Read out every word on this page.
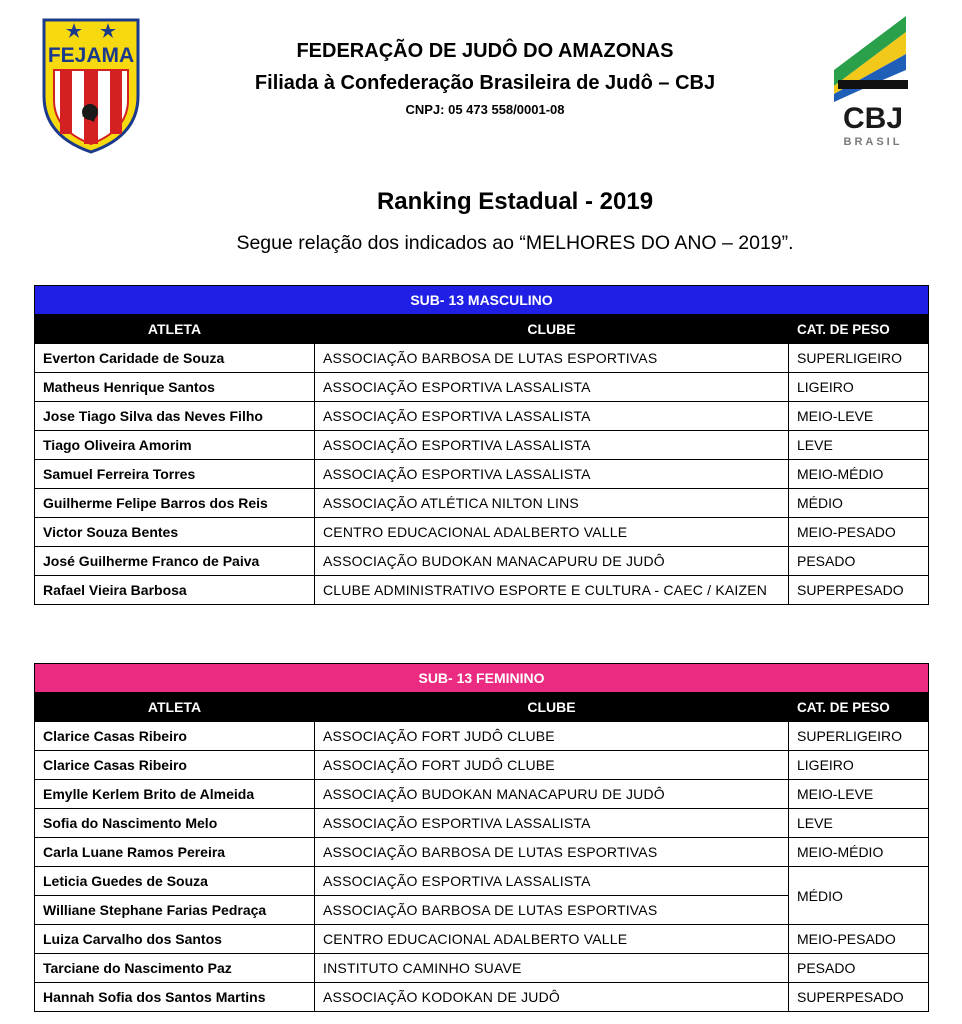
FEJAMA	FEDERAÇÃO DE JUDÔ DO AMAZONAS
Filiada à Confederação Brasileira de Judô – CBJ
CNPJ: 05 473 558/0001-08	CBJ
BRASIL
Ranking Estadual - 2019
Segue relação dos indicados ao “MELHORES DO ANO – 2019”.
SUB- 13 MASCULINO		
ATLETA	CLUBE	CAT. DE PESO
Everton Caridade de Souza	ASSOCIAÇÃO BARBOSA DE LUTAS ESPORTIVAS	SUPERLIGEIRO
Matheus Henrique Santos	ASSOCIAÇÃO ESPORTIVA LASSALISTA	LIGEIRO
Jose Tiago Silva das Neves Filho	ASSOCIAÇÃO ESPORTIVA LASSALISTA	MEIO-LEVE
Tiago Oliveira Amorim	ASSOCIAÇÃO ESPORTIVA LASSALISTA	LEVE
Samuel Ferreira Torres	ASSOCIAÇÃO ESPORTIVA LASSALISTA	MEIO-MÉDIO
Guilherme Felipe Barros dos Reis	ASSOCIAÇÃO ATLÉTICA NILTON LINS	MÉDIO
Victor Souza Bentes	CENTRO EDUCACIONAL ADALBERTO VALLE	MEIO-PESADO
José Guilherme Franco de Paiva	ASSOCIAÇÃO BUDOKAN MANACAPURU DE JUDÔ	PESADO
Rafael Vieira Barbosa	CLUBE ADMINISTRATIVO ESPORTE E CULTURA - CAEC / KAIZEN	SUPERPESADO
SUB- 13 FEMININO		
ATLETA	CLUBE	CAT. DE PESO
Clarice Casas Ribeiro	ASSOCIAÇÃO FORT JUDÔ CLUBE	SUPERLIGEIRO
Clarice Casas Ribeiro	ASSOCIAÇÃO FORT JUDÔ CLUBE	LIGEIRO
Emylle Kerlem Brito de Almeida	ASSOCIAÇÃO BUDOKAN MANACAPURU DE JUDÔ	MEIO-LEVE
Sofia do Nascimento Melo	ASSOCIAÇÃO ESPORTIVA LASSALISTA	LEVE
Carla Luane Ramos Pereira	ASSOCIAÇÃO BARBOSA DE LUTAS ESPORTIVAS	MEIO-MÉDIO
Leticia Guedes de Souza	ASSOCIAÇÃO ESPORTIVA LASSALISTA	MÉDIO
Williane Stephane Farias Pedraça	ASSOCIAÇÃO BARBOSA DE LUTAS ESPORTIVAS	
Luiza Carvalho dos Santos	CENTRO EDUCACIONAL ADALBERTO VALLE	MEIO-PESADO
Tarciane do Nascimento Paz	INSTITUTO CAMINHO SUAVE	PESADO
Hannah Sofia dos Santos Martins	ASSOCIAÇÃO KODOKAN DE JUDÔ	SUPERPESADO
